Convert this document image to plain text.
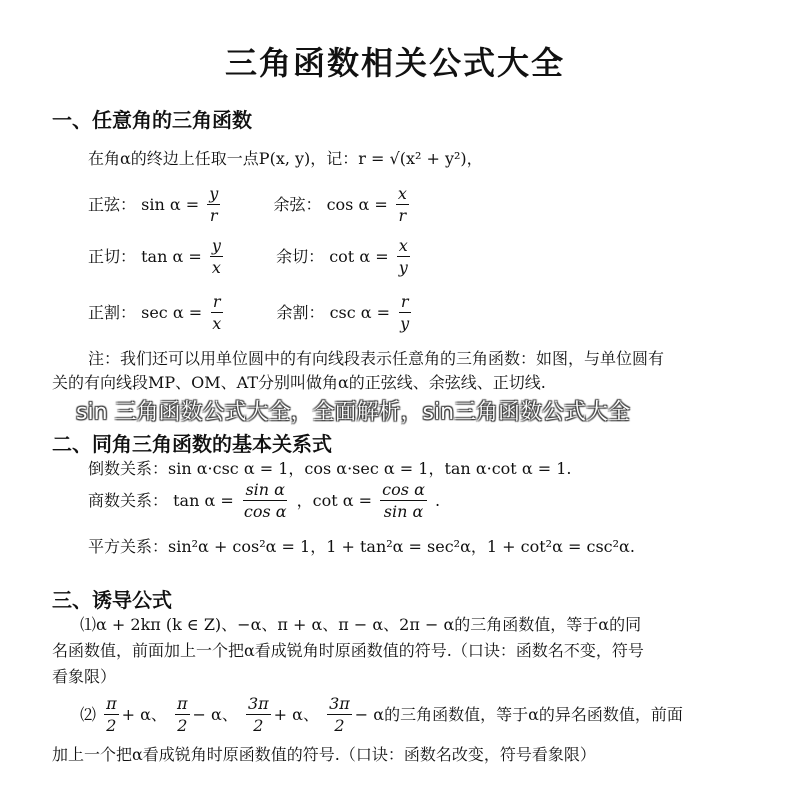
三角函数相关公式大全
一、任意角的三角函数
在角α的终边上任取一点P(x, y)，记：r = √(x² + y²)，
正弦： $\sin \alpha = \frac{y}{r}$	余弦： $\cos \alpha = \frac{x}{r}$
正切： $\tan \alpha = \frac{y}{x}$	余切： $\cot \alpha = \frac{x}{y}$
正割： $\sec \alpha = \frac{r}{x}$	余割： $\csc \alpha = \frac{r}{y}$
注：我们还可以用单位圆中的有向线段表示任意角的三角函数：如图，与单位圆有
关的有向线段MP、OM、AT分别叫做角α的正弦线、余弦线、正切线.
sin 三角函数公式大全，全面解析，sin三角函数公式大全
二、同角三角函数的基本关系式
倒数关系：sin α·csc α = 1，cos α·sec α = 1，tan α·cot α = 1.
商数关系： $\tan \alpha = \frac{\text{sin α}}{\text{cos α}}$ ，$\cot \alpha = \frac{\text{cos α}}{\text{sin α}}$ .
平方关系：sin²α + cos²α = 1，1 + tan²α = sec²α，1 + cot²α = csc²α.
三、诱导公式
⑴α + 2kπ (k ∈ Z)、−α、π + α、π − α、2π − α的三角函数值，等于α的同
名函数值，前面加上一个把α看成锐角时原函数值的符号.（口诀：函数名不变，符号
看象限）
⑵ $\frac{\pi}{2} + \alpha$、 $\frac{\pi}{2} - \alpha$、 $\frac{3\pi}{2} + \alpha$、 $\frac{3\pi}{2} - \alpha$的三角函数值，等于α的异名函数值，前面
加上一个把α看成锐角时原函数值的符号.（口诀：函数名改变，符号看象限）
